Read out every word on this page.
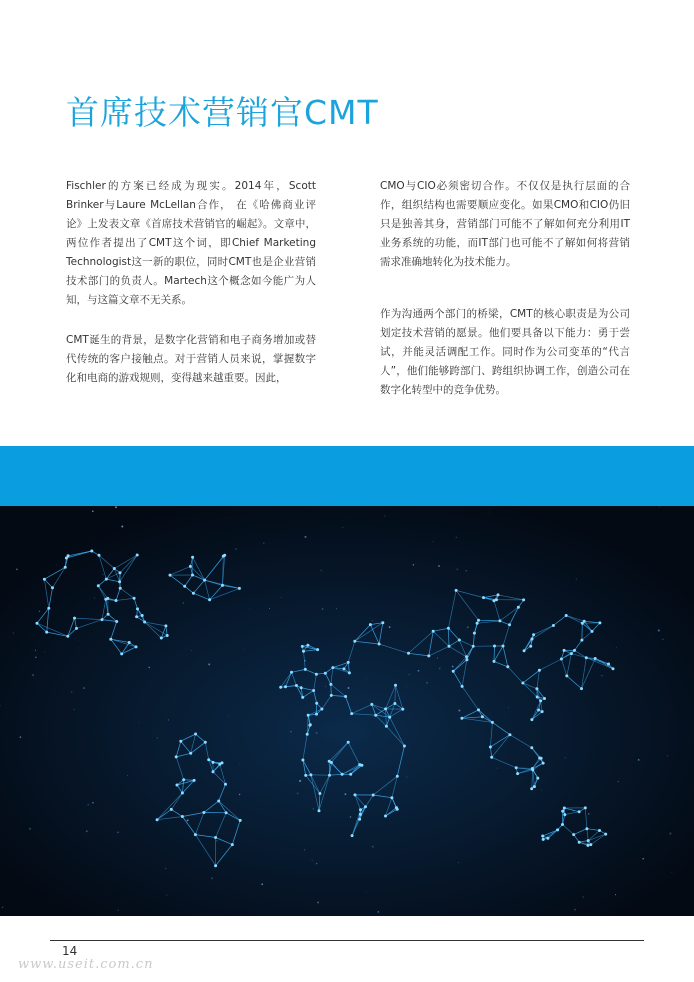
首席技术营销官CMT

Fischler的方案已经成为现实。2014年，Scott Brinker与Laure McLellan合作， 在《哈佛商业评论》上发表文章《首席技术营销官的崛起》。文章中，两位作者提出了CMT这个词，即Chief Marketing Technologist这一新的职位，同时CMT也是企业营销技术部门的负责人。Martech这个概念如今能广为人知，与这篇文章不无关系。

CMT诞生的背景，是数字化营销和电子商务增加或替代传统的客户接触点。对于营销人员来说，掌握数字化和电商的游戏规则，变得越来越重要。因此，

CMO与CIO必须密切合作。不仅仅是执行层面的合作，组织结构也需要顺应变化。如果CMO和CIO仍旧只是独善其身，营销部门可能不了解如何充分利用IT业务系统的功能，而IT部门也可能不了解如何将营销需求准确地转化为技术能力。

作为沟通两个部门的桥梁，CMT的核心职责是为公司划定技术营销的愿景。他们要具备以下能力：勇于尝试，并能灵活调配工作。同时作为公司变革的“代言人”，他们能够跨部门、跨组织协调工作，创造公司在数字化转型中的竞争优势。

14
www.useit.com.cn
